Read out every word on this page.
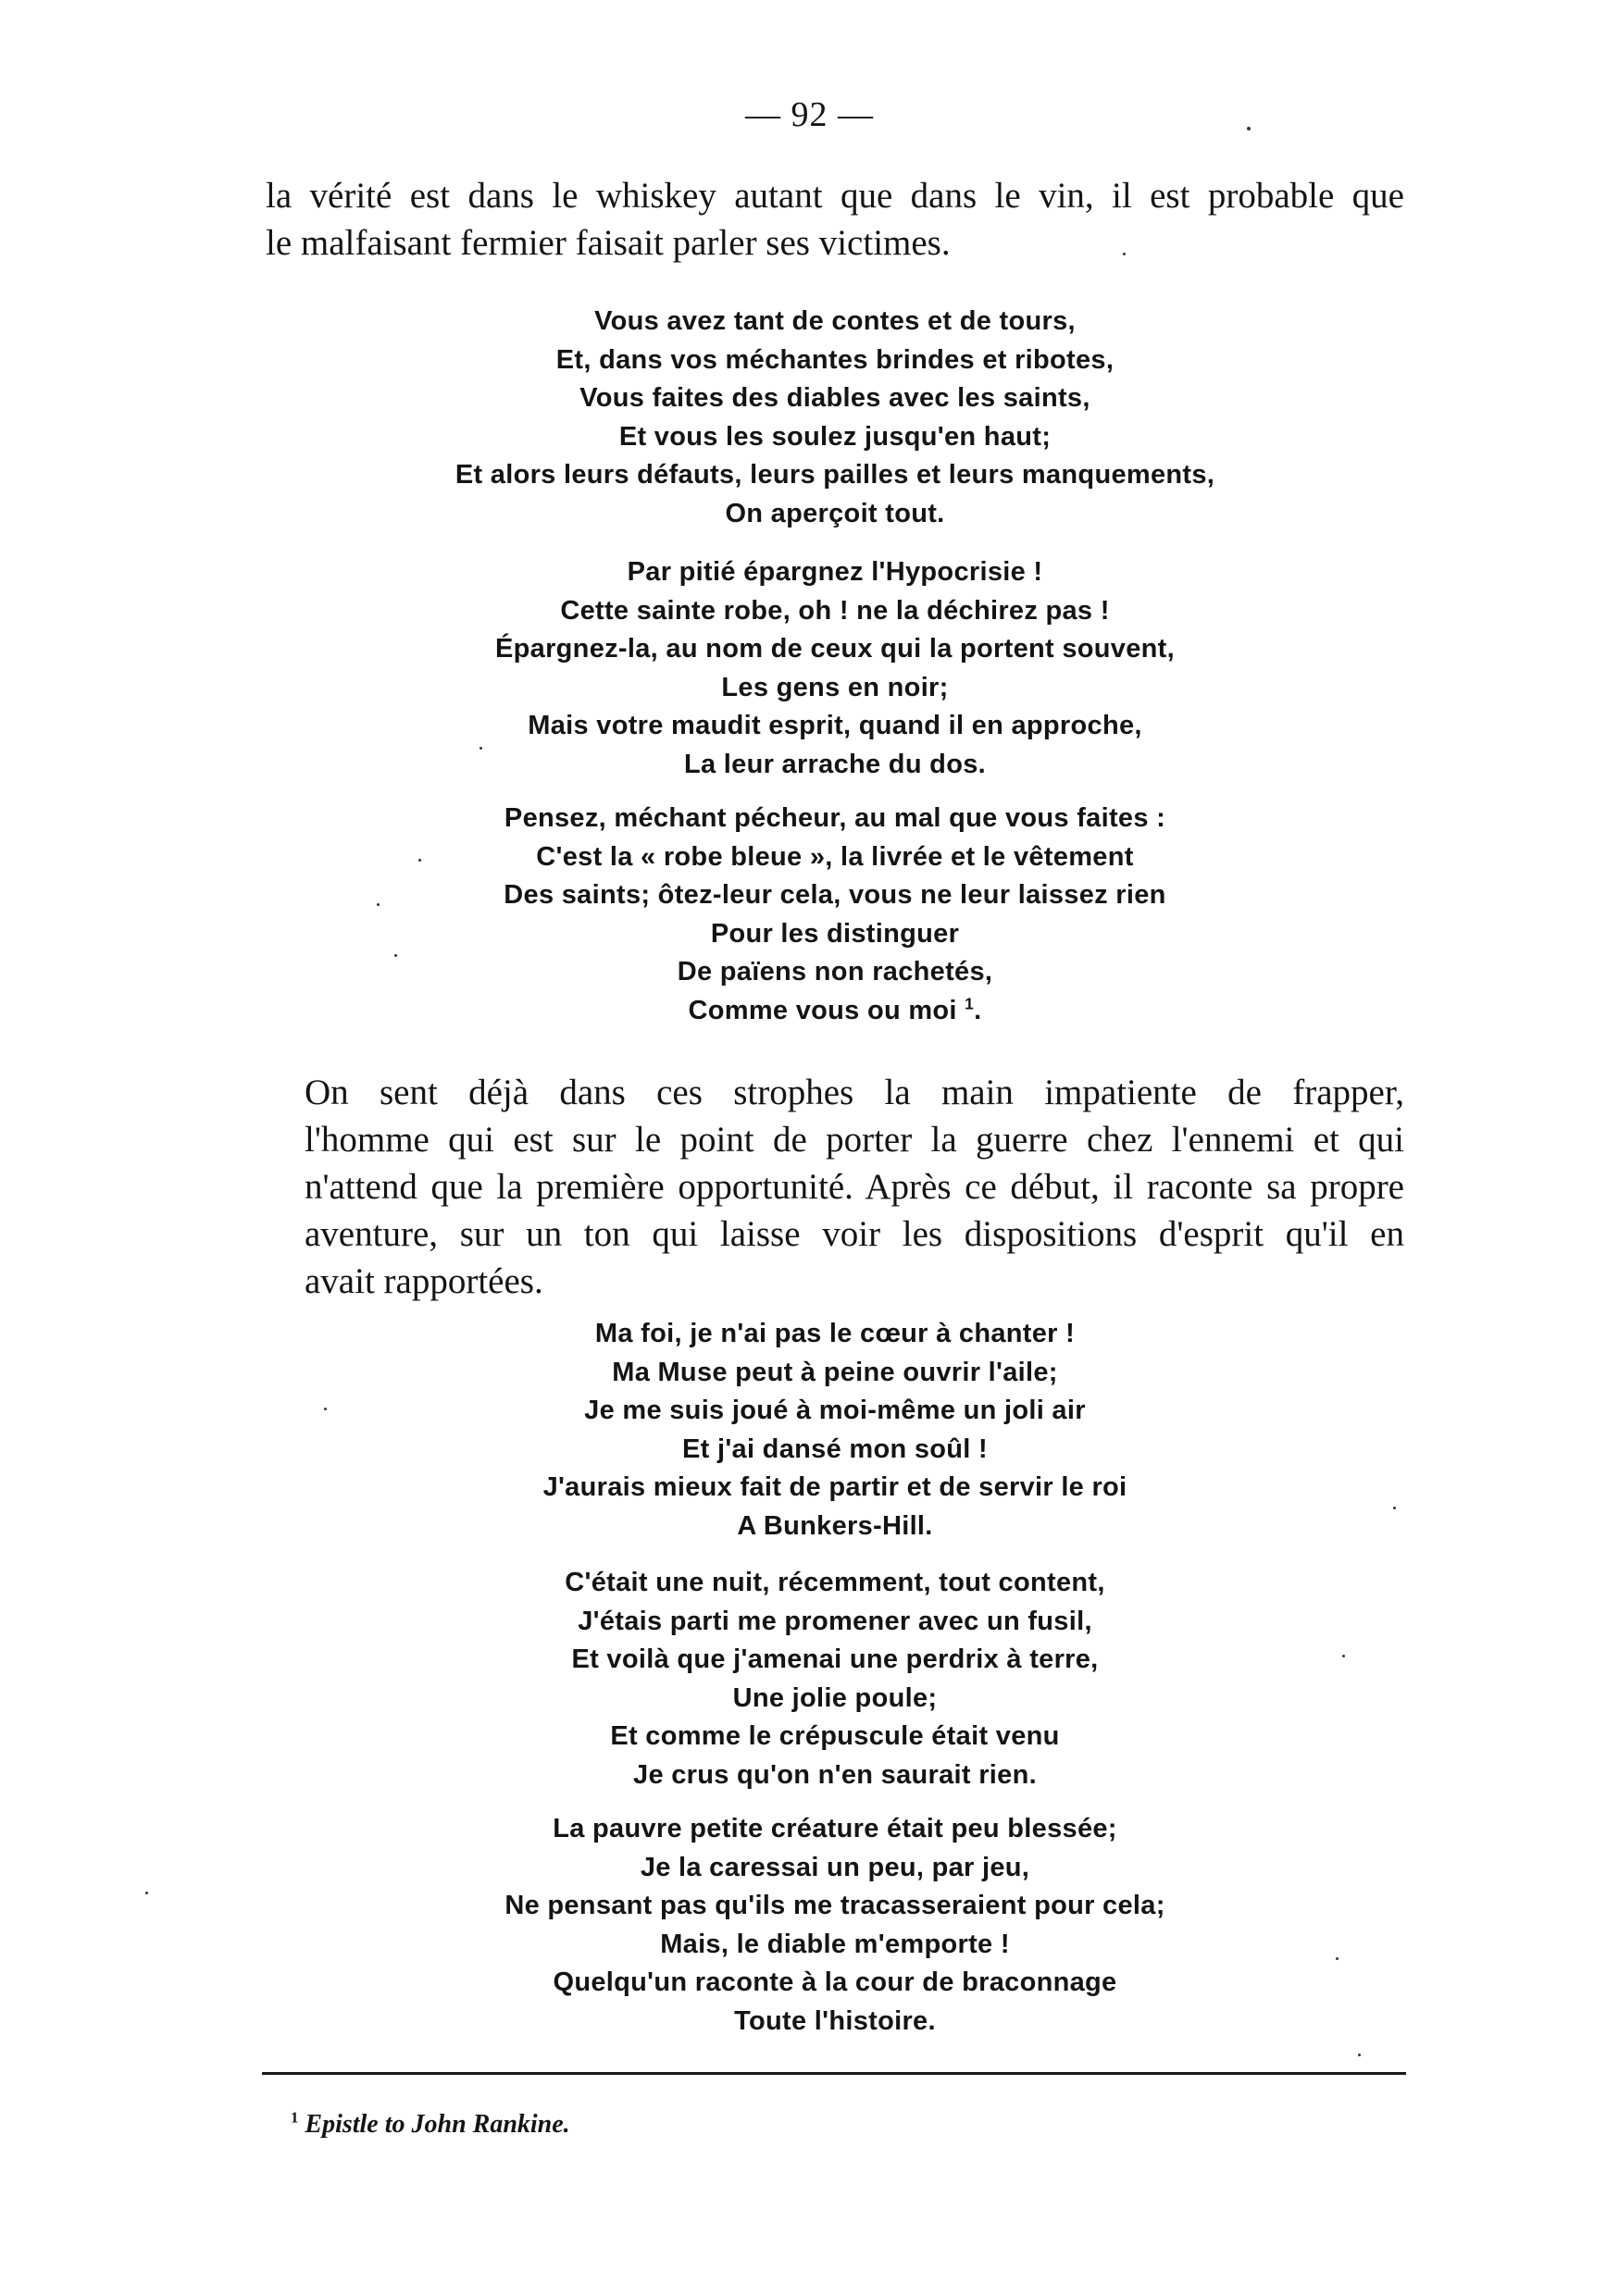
— 92 —
la vérité est dans le whiskey autant que dans le vin, il est probable que
le malfaisant fermier faisait parler ses victimes.
Vous avez tant de contes et de tours,
Et, dans vos méchantes brindes et ribotes,
Vous faites des diables avec les saints,
Et vous les soulez jusqu'en haut;
Et alors leurs défauts, leurs pailles et leurs manquements,
On aperçoit tout.
Par pitié épargnez l'Hypocrisie !
Cette sainte robe, oh ! ne la déchirez pas !
Épargnez-la, au nom de ceux qui la portent souvent,
Les gens en noir;
Mais votre maudit esprit, quand il en approche,
La leur arrache du dos.
Pensez, méchant pécheur, au mal que vous faites :
C'est la « robe bleue », la livrée et le vêtement
Des saints; ôtez-leur cela, vous ne leur laissez rien
Pour les distinguer
De païens non rachetés,
Comme vous ou moi $^1$.
On sent déjà dans ces strophes la main impatiente de frapper,
l'homme qui est sur le point de porter la guerre chez l'ennemi et qui
n'attend que la première opportunité. Après ce début, il raconte sa propre
aventure, sur un ton qui laisse voir les dispositions d'esprit qu'il en
avait rapportées.
Ma foi, je n'ai pas le cœur à chanter !
Ma Muse peut à peine ouvrir l'aile;
Je me suis joué à moi-même un joli air
Et j'ai dansé mon soûl !
J'aurais mieux fait de partir et de servir le roi
A Bunkers-Hill.
C'était une nuit, récemment, tout content,
J'étais parti me promener avec un fusil,
Et voilà que j'amenai une perdrix à terre,
Une jolie poule;
Et comme le crépuscule était venu
Je crus qu'on n'en saurait rien.
La pauvre petite créature était peu blessée;
Je la caressai un peu, par jeu,
Ne pensant pas qu'ils me tracasseraient pour cela;
Mais, le diable m'emporte !
Quelqu'un raconte à la cour de braconnage
Toute l'histoire.
$^1$ Epistle to John Rankine.
